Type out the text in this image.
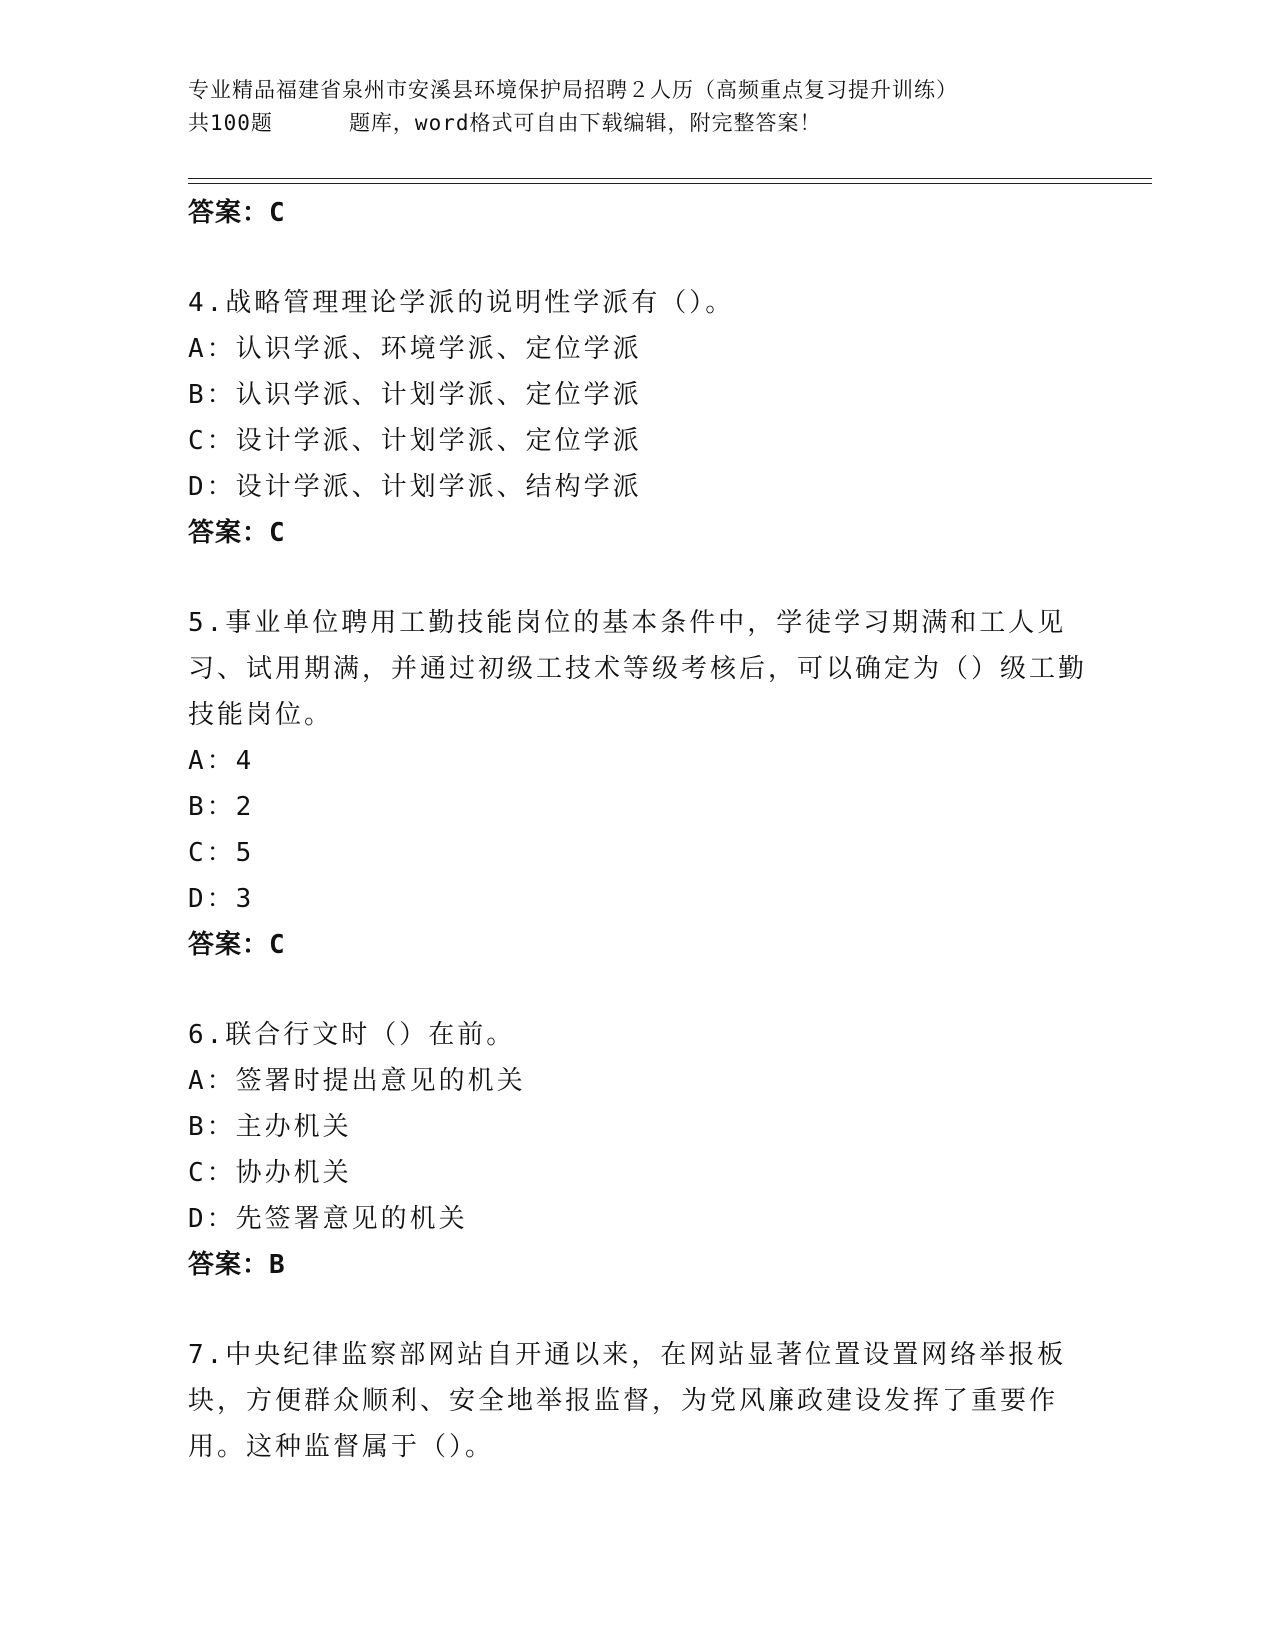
专业精品福建省泉州市安溪县环境保护局招聘２人历（高频重点复习提升训练）
共100题	题库，word格式可自由下载编辑，附完整答案！

答案：C

4.战略管理理论学派的说明性学派有（）。

A：认识学派、环境学派、定位学派

B：认识学派、计划学派、定位学派

C：设计学派、计划学派、定位学派

D：设计学派、计划学派、结构学派

答案：C

5.事业单位聘用工勤技能岗位的基本条件中，学徒学习期满和工人见习、试用期满，并通过初级工技术等级考核后，可以确定为（）级工勤技能岗位。

A：4

B：2

C：5

D：3

答案：C

6.联合行文时（）在前。

A：签署时提出意见的机关

B：主办机关

C：协办机关

D：先签署意见的机关

答案：B

7.中央纪律监察部网站自开通以来，在网站显著位置设置网络举报板块，方便群众顺利、安全地举报监督，为党风廉政建设发挥了重要作用。这种监督属于（）。
